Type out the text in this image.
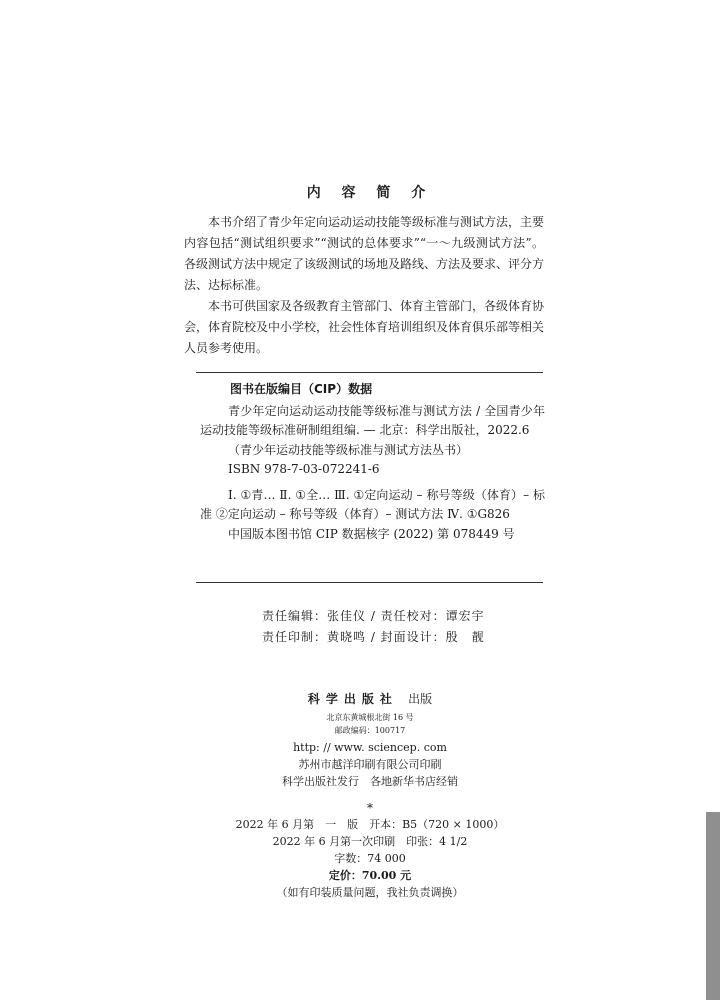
内 容 简 介

本书介绍了青少年定向运动运动技能等级标准与测试方法，主要内容包括“测试组织要求”“测试的总体要求”“一～九级测试方法”。各级测试方法中规定了该级测试的场地及路线、方法及要求、评分方法、达标标准。

本书可供国家及各级教育主管部门、体育主管部门，各级体育协会，体育院校及中小学校，社会性体育培训组织及体育俱乐部等相关人员参考使用。

图书在版编目（CIP）数据
青少年定向运动运动技能等级标准与测试方法 / 全国青少年运动技能等级标准研制组组编. — 北京：科学出版社，2022.6
（青少年运动技能等级标准与测试方法丛书）
ISBN 978-7-03-072241-6
Ⅰ. ①青… Ⅱ. ①全… Ⅲ. ①定向运动 – 称号等级（体育）– 标准 ②定向运动 – 称号等级（体育）– 测试方法 Ⅳ. ①G826
中国版本图书馆 CIP 数据核字 (2022) 第 078449 号
责任编辑：张佳仪 / 责任校对：谭宏宇
责任印制：黄晓鸣 / 封面设计：殷　靓
科学出版社 出版
北京东黄城根北街 16 号
邮政编码：100717
http: // www. sciencep. com
苏州市越洋印刷有限公司印刷
科学出版社发行　各地新华书店经销
*
2022 年 6 月第　一　版　开本：B5（720 × 1000）
2022 年 6 月第一次印刷　印张：4 1/2
字数：74 000
定价：70.00 元
（如有印装质量问题，我社负责调换）
